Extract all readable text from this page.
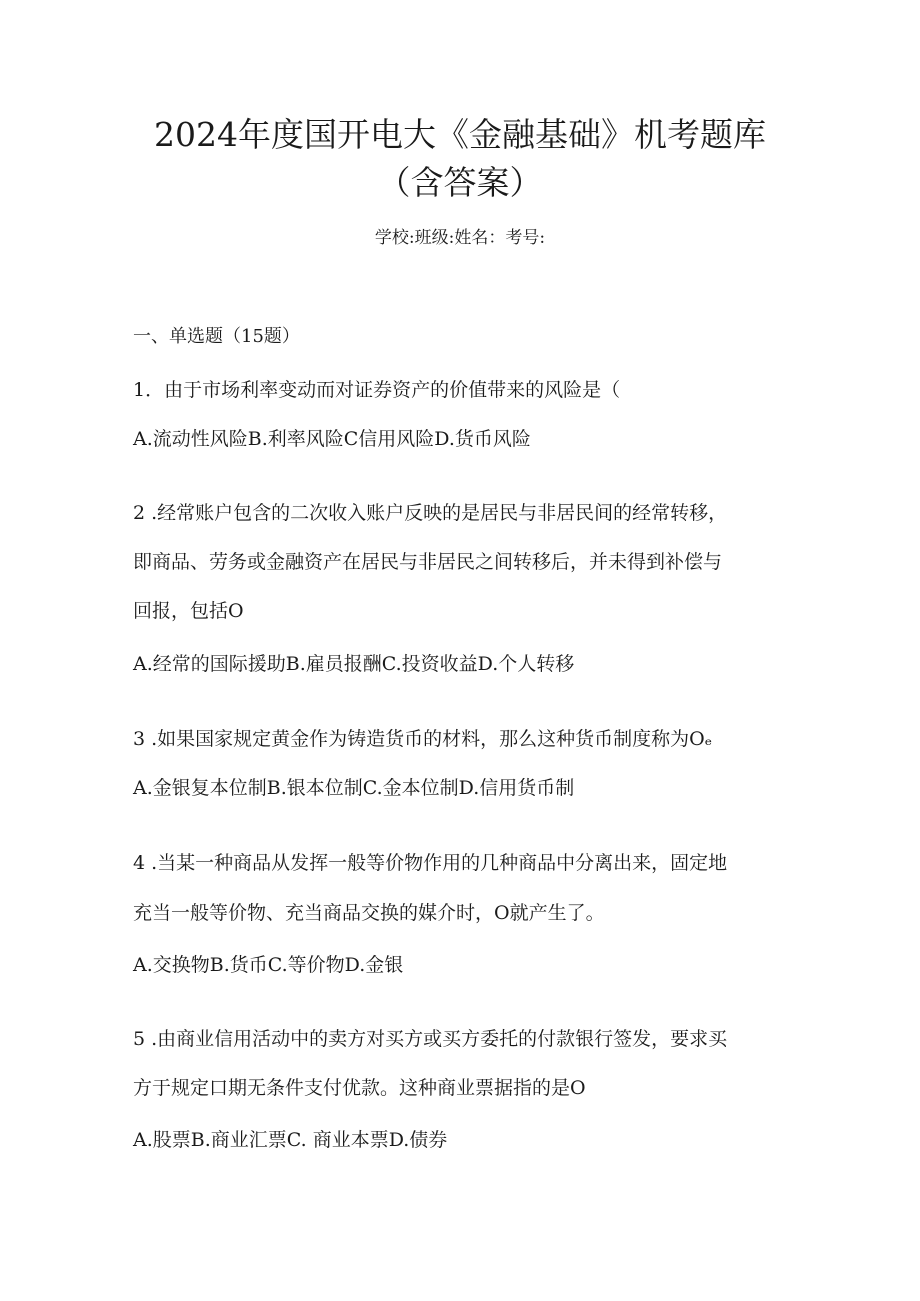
2024年度国开电大《金融基础》机考题库
（含答案）
学校:班级:姓名：考号:
一、单选题（15题）
1．由于市场利率变动而对证券资产的价值带来的风险是（
A.流动性风险B.利率风险C信用风险D.货币风险
2 .经常账户包含的二次收入账户反映的是居民与非居民间的经常转移，
即商品、劳务或金融资产在居民与非居民之间转移后，并未得到补偿与
回报，包括O
A.经常的国际援助B.雇员报酬C.投资收益D.个人转移
3 .如果国家规定黄金作为铸造货币的材料，那么这种货币制度称为Oₑ
A.金银复本位制B.银本位制C.金本位制D.信用货币制
4 .当某一种商品从发挥一般等价物作用的几种商品中分离出来，固定地
充当一般等价物、充当商品交换的媒介时，O就产生了。
A.交换物B.货币C.等价物D.金银
5 .由商业信用活动中的卖方对买方或买方委托的付款银行签发，要求买
方于规定口期无条件支付优款。这种商业票据指的是O
A.股票B.商业汇票C. 商业本票D.债券
